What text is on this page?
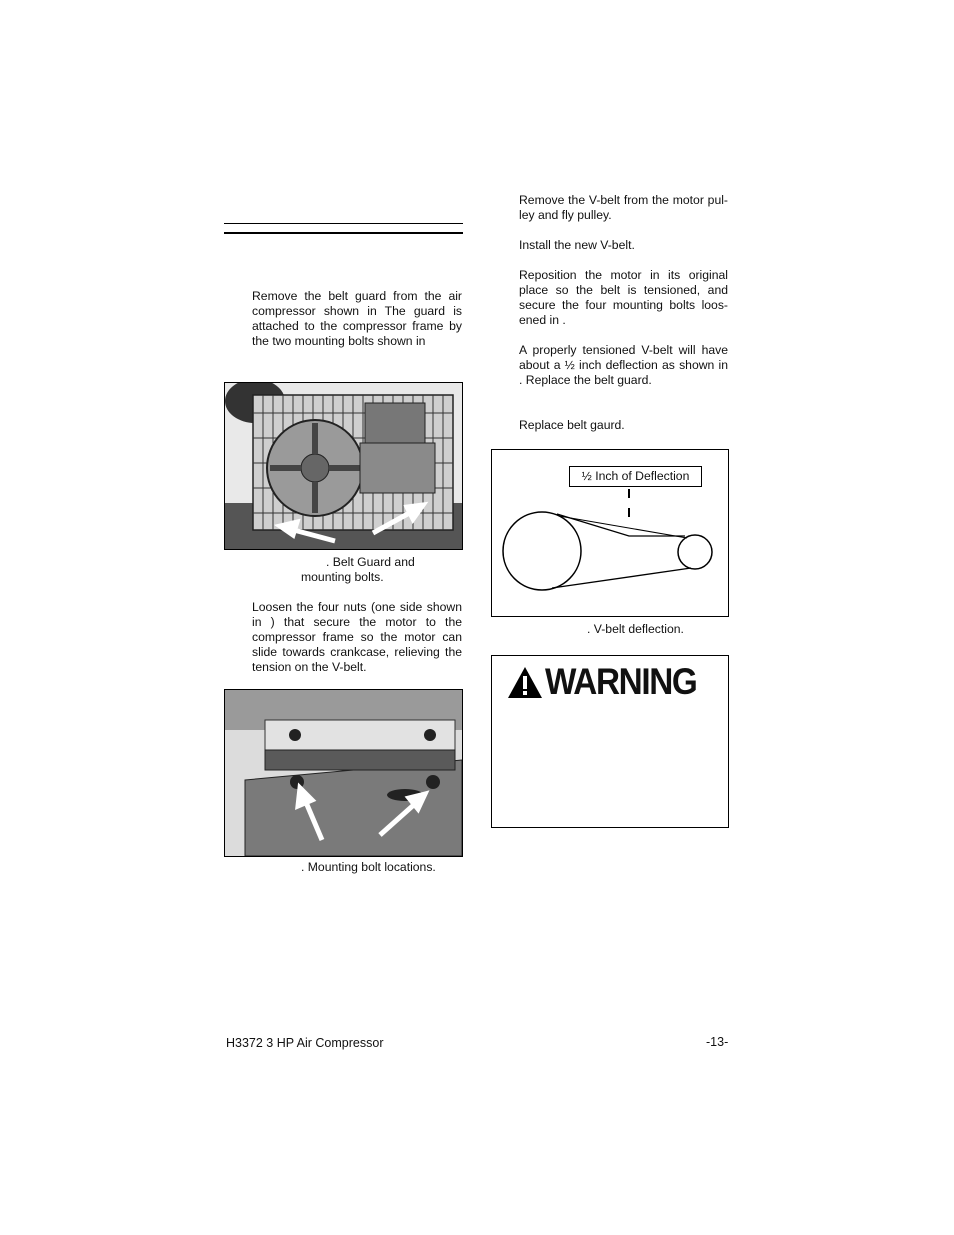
Remove the belt guard from the air compressor shown in The guard is attached to the compressor frame by the two mounting bolts shown in

. Belt Guard and
mounting bolts.

Loosen the four nuts (one side shown in ) that secure the motor to the compressor frame so the motor can slide towards crankcase, relieving the tension on the V-belt.

. Mounting bolt locations.

Remove the V-belt from the motor pul-ley and fly pulley.

Install the new V-belt.

Reposition the motor in its original place so the belt is tensioned, and secure the four mounting bolts loos-ened in .

A properly tensioned V-belt will have about a ½ inch deflection as shown in . Replace the belt guard.

Replace belt gaurd.

½ Inch of Deflection
. V-belt deflection.
WARNING
H3372 3 HP Air Compressor	-13-
